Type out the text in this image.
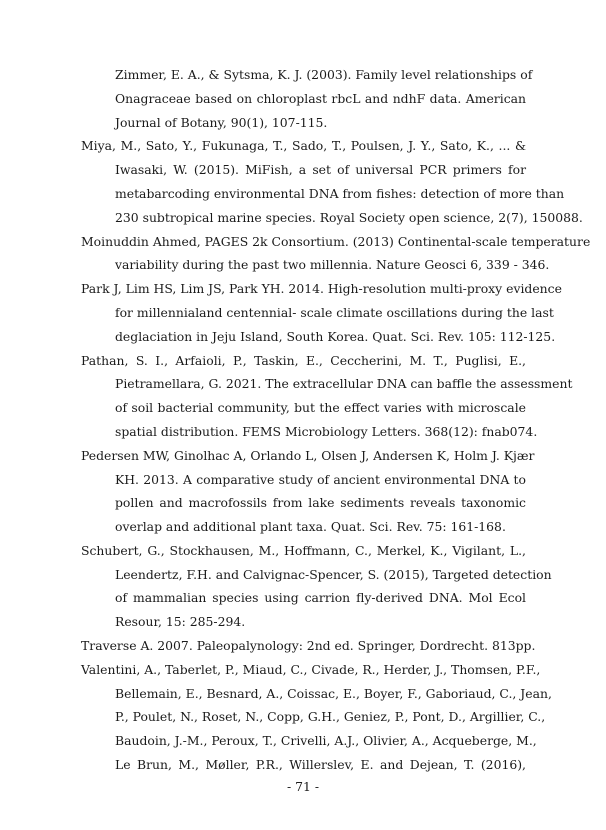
Zimmer, E. A., & Sytsma, K. J. (2003). Family level relationships of
Onagraceae based on chloroplast rbcL and ndhF data. American
Journal of Botany, 90(1), 107-115.
Miya, M., Sato, Y., Fukunaga, T., Sado, T., Poulsen, J. Y., Sato, K., ... &
Iwasaki, W. (2015). MiFish, a set of universal PCR primers for
metabarcoding environmental DNA from fishes: detection of more than
230 subtropical marine species. Royal Society open science, 2(7), 150088.
Moinuddin Ahmed, PAGES 2k Consortium. (2013) Continental-scale temperature
variability during the past two millennia. Nature Geosci 6, 339 - 346.
Park J, Lim HS, Lim JS, Park YH. 2014. High-resolution multi-proxy evidence
for millennialand centennial- scale climate oscillations during the last
deglaciation in Jeju Island, South Korea. Quat. Sci. Rev. 105: 112-125.
Pathan, S. I., Arfaioli, P., Taskin, E., Ceccherini, M. T., Puglisi, E.,
Pietramellara, G. 2021. The extracellular DNA can baffle the assessment
of soil bacterial community, but the effect varies with microscale
spatial distribution. FEMS Microbiology Letters. 368(12): fnab074.
Pedersen MW, Ginolhac A, Orlando L, Olsen J, Andersen K, Holm J. Kjær
KH. 2013. A comparative study of ancient environmental DNA to
pollen and macrofossils from lake sediments reveals taxonomic
overlap and additional plant taxa. Quat. Sci. Rev. 75: 161-168.
Schubert, G., Stockhausen, M., Hoffmann, C., Merkel, K., Vigilant, L.,
Leendertz, F.H. and Calvignac-Spencer, S. (2015), Targeted detection
of mammalian species using carrion fly-derived DNA. Mol Ecol
Resour, 15: 285-294.
Traverse A. 2007. Paleopalynology: 2nd ed. Springer, Dordrecht. 813pp.
Valentini, A., Taberlet, P., Miaud, C., Civade, R., Herder, J., Thomsen, P.F.,
Bellemain, E., Besnard, A., Coissac, E., Boyer, F., Gaboriaud, C., Jean,
P., Poulet, N., Roset, N., Copp, G.H., Geniez, P., Pont, D., Argillier, C.,
Baudoin, J.-M., Peroux, T., Crivelli, A.J., Olivier, A., Acqueberge, M.,
Le Brun, M., Møller, P.R., Willerslev, E. and Dejean, T. (2016),
- 71 -
